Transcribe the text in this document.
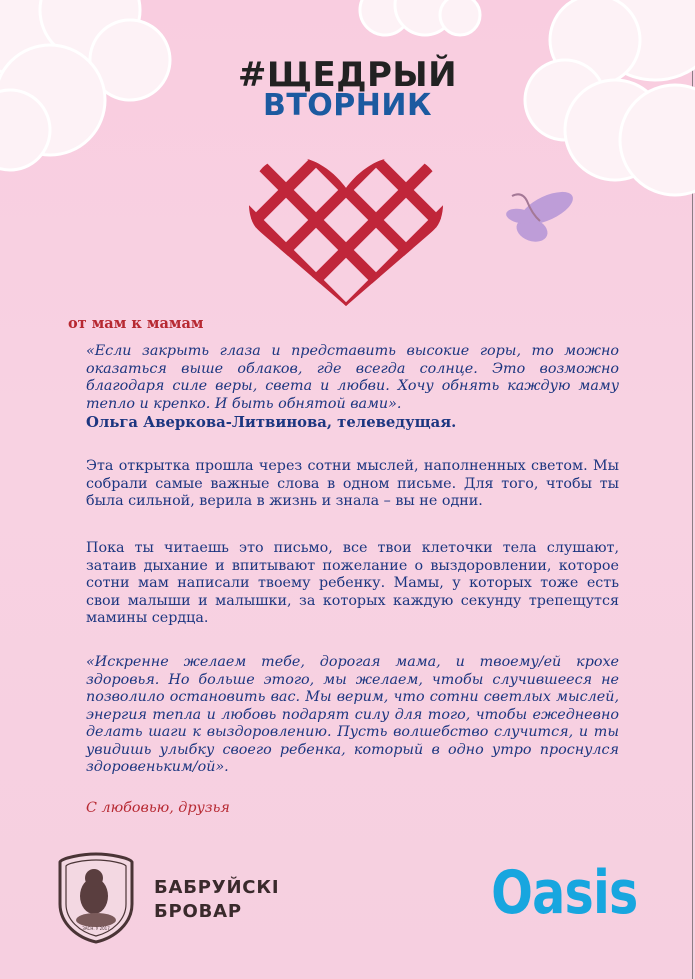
#ЩЕДРЫЙ
ВТОРНИК
от мам к мамам
«Если закрыть глаза и представить высокие горы, то можно оказаться выше облаков, где всегда солнце. Это возможно благодаря силе веры, света и любви. Хочу обнять каждую маму тепло и крепко. И быть обнятой вами».
Ольга Аверкова-Литвинова, телеведущая.
Эта открытка прошла через сотни мыслей, наполненных светом. Мы собрали самые важные слова в одном письме. Для того, чтобы ты была сильной, верила в жизнь и знала – вы не одни.
Пока ты читаешь это письмо, все твои клеточки тела слушают, затаив дыхание и впитывают пожелание о выздоровлении, которое сотни мам написали твоему ребенку. Мамы, у которых тоже есть свои малыши и малышки, за которых каждую секунду трепещутся мамины сердца.
«Искренне желаем тебе, дорогая мама, и твоему/ей крохе здоровья. Но больше этого, мы желаем, чтобы случившееся не позволило остановить вас. Мы верим, что сотни светлых мыслей, энергия тепла и любовь подарят силу для того, чтобы ежедневно делать шаги к выздоровлению. Пусть волшебство случится, и ты увидишь улыбку своего ребенка, который в одно утро проснулся здоровеньким/ой».
С любовью, друзья
ЗАСН. У 2017
БАБРУЙСКІ
БРОВАР	Oasis
